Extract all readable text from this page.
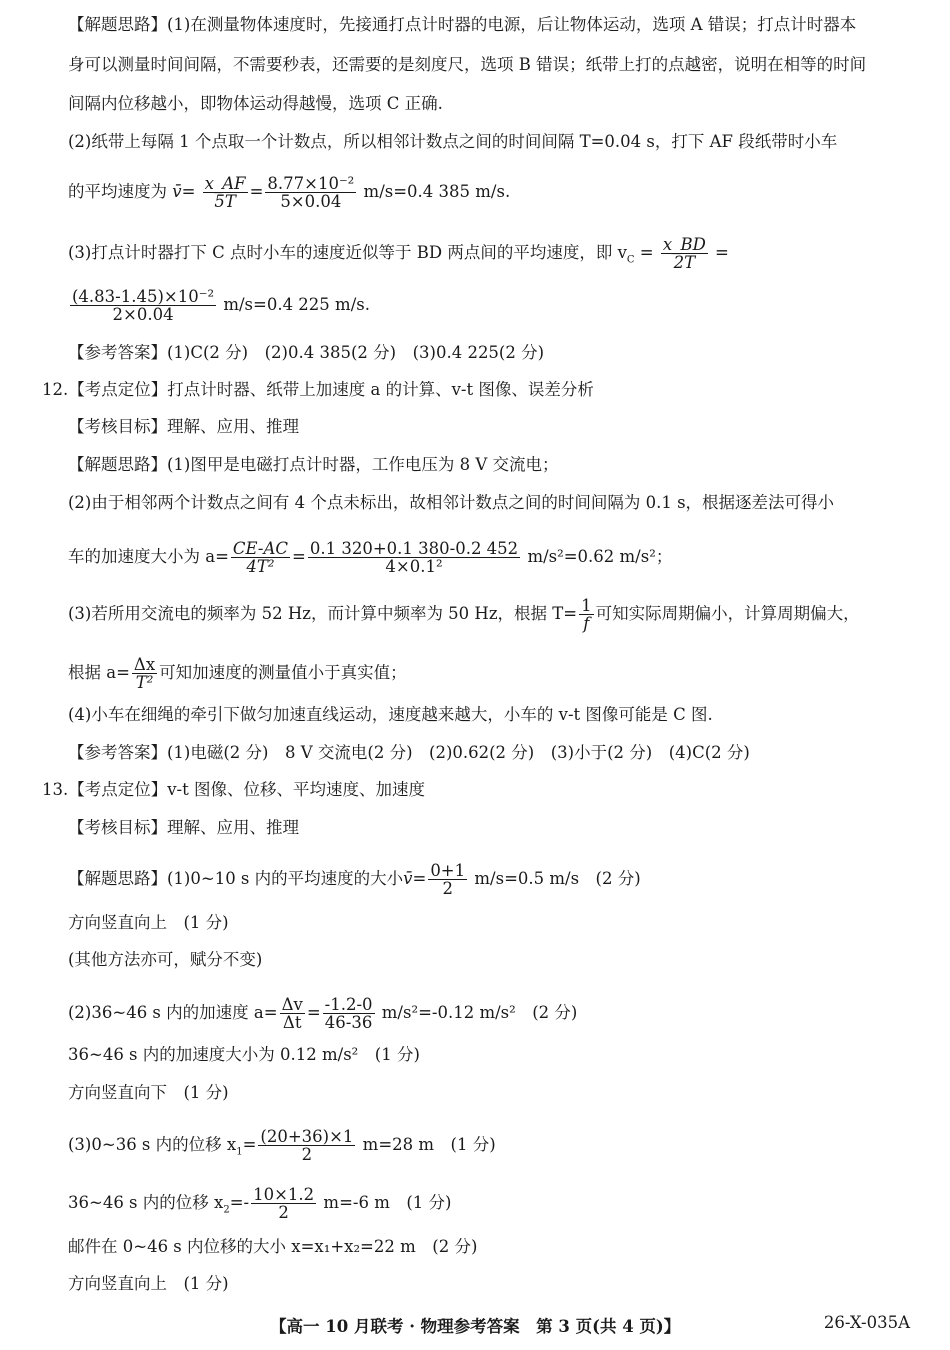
【解题思路】(1)在测量物体速度时，先接通打点计时器的电源，后让物体运动，选项 A 错误；打点计时器本
身可以测量时间间隔，不需要秒表，还需要的是刻度尺，选项 B 错误；纸带上打的点越密，说明在相等的时间
间隔内位移越小，即物体运动得越慢，选项 C 正确.
(2)纸带上每隔 1 个点取一个计数点，所以相邻计数点之间的时间间隔 T=0.04 s，打下 AF 段纸带时小车
的平均速度为 v̄= $\frac{x\_AF}{5T} = \frac{\text{8.77×10⁻²}}{5\times 0.04} m/s=0.4$ 385 m/s.
(3)打点计时器打下 C 点时小车的速度近似等于 BD 两点间的平均速度，即 $v_C = \frac{x\_BD}{2T}$ =
$\frac{\text{(4.83-1.45)×10⁻²}}{2\times 0.04} m/s=0.4$ 225 m/s.
【参考答案】(1)C(2 分)　(2)0.4 385(2 分)　(3)0.4 225(2 分)
12.【考点定位】打点计时器、纸带上加速度 a 的计算、v-t 图像、误差分析
【考核目标】理解、应用、推理
【解题思路】(1)图甲是电磁打点计时器，工作电压为 8 V 交流电；
(2)由于相邻两个计数点之间有 4 个点未标出，故相邻计数点之间的时间间隔为 0.1 s，根据逐差法可得小
车的加速度大小为 $a= \frac{CE-AC}{\text{4T²}} = \frac{0.1 320+0.1 380-0.2 452}{\text{4×0.1²}} m/s^2=0.62$ m/s²；
(3)若所用交流电的频率为 52 Hz，而计算中频率为 50 Hz，根据 $T= \frac{1}{f}$ 可知实际周期偏小，计算周期偏大，
根据 $a= \frac{\Delta x}{\text{T²}}$ 可知加速度的测量值小于真实值；
(4)小车在细绳的牵引下做匀加速直线运动，速度越来越大，小车的 v-t 图像可能是 C 图.
【参考答案】(1)电磁(2 分)　8 V 交流电(2 分)　(2)0.62(2 分)　(3)小于(2 分)　(4)C(2 分)
13.【考点定位】v-t 图像、位移、平均速度、加速度
【考核目标】理解、应用、推理
【解题思路】(1)0~10 s 内的平均速度的大小v̄= $\frac{0+1}{2} m/s=0.5$ m/s　(2 分)
方向竖直向上　(1 分)
(其他方法亦可，赋分不变)
(2)36~46 s 内的加速度 $a= \frac{\Delta v}{\Delta t} = \frac{-1.2-0}{46-36} m/s^2=-0.12$ m/s²　(2 分)
36~46 s 内的加速度大小为 0.12 m/s²　(1 分)
方向竖直向下　(1 分)
(3)0~36 s 内的位移 $x_1= \frac{(20+36)\times 1}{2} m=28$ m　(1 分)
36~46 s 内的位移 $x_2=- \frac{10\times 1.2}{2} m=-6$ m　(1 分)
邮件在 0~46 s 内位移的大小 x=x₁+x₂=22 m　(2 分)
方向竖直向上　(1 分)
【高一 10 月联考 · 物理参考答案　第 3 页(共 4 页)】	26-X-035A
